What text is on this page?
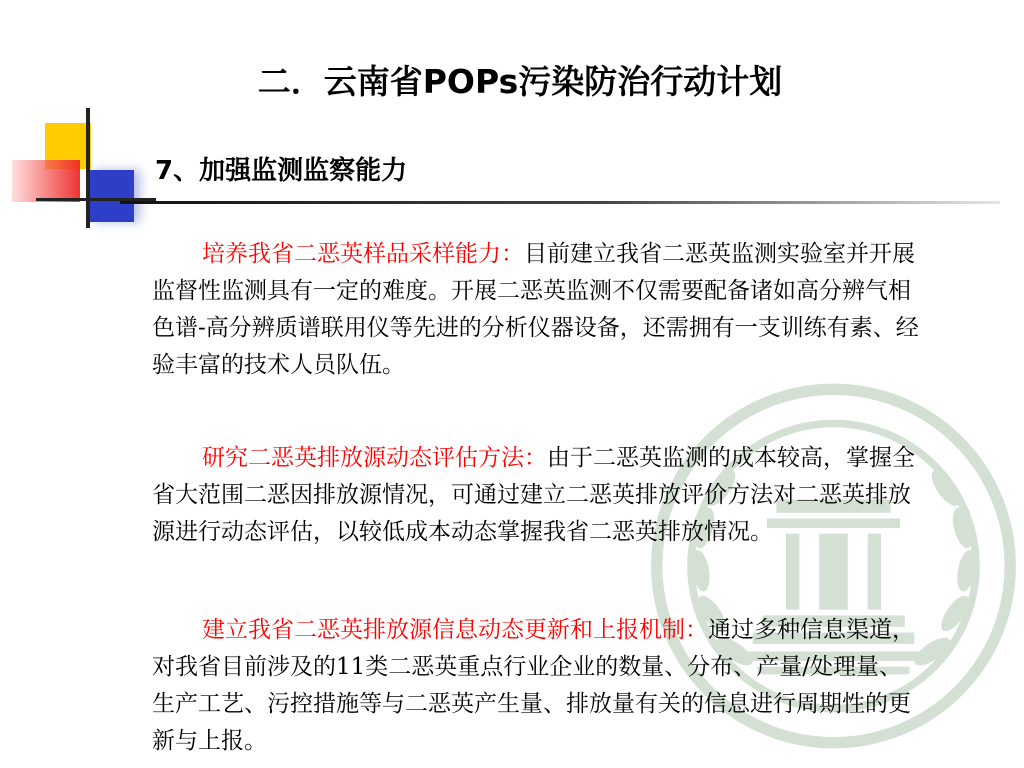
二．云南省POPs污染防治行动计划
7、加强监测监察能力
培养我省二恶英样品采样能力：目前建立我省二恶英监测实验室并开展监督性监测具有一定的难度。开展二恶英监测不仅需要配备诸如高分辨气相色谱-高分辨质谱联用仪等先进的分析仪器设备，还需拥有一支训练有素、经验丰富的技术人员队伍。
研究二恶英排放源动态评估方法：由于二恶英监测的成本较高，掌握全省大范围二恶因排放源情况，可通过建立二恶英排放评价方法对二恶英排放源进行动态评估，以较低成本动态掌握我省二恶英排放情况。
建立我省二恶英排放源信息动态更新和上报机制：通过多种信息渠道，对我省目前涉及的11类二恶英重点行业企业的数量、分布、产量/处理量、生产工艺、污控措施等与二恶英产生量、排放量有关的信息进行周期性的更新与上报。
